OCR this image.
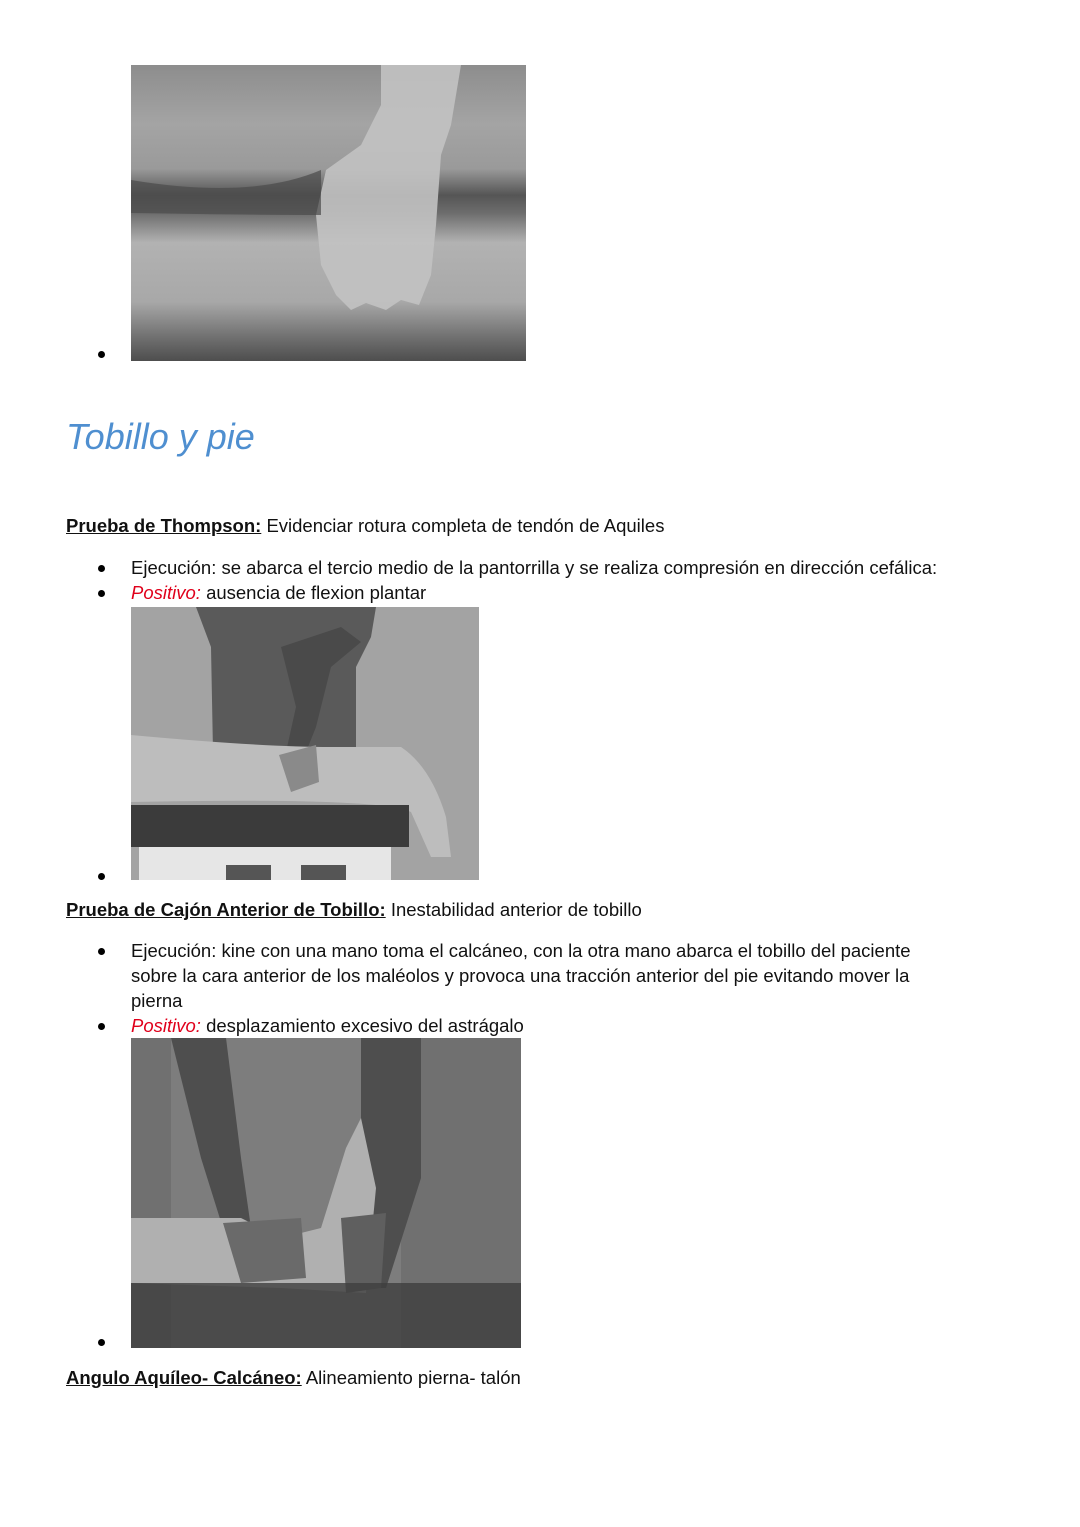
Tobillo y pie
Prueba de Thompson: Evidenciar rotura completa de tendón de Aquiles
Ejecución: se abarca el tercio medio de la pantorrilla y se realiza compresión en dirección cefálica:
Positivo: ausencia de flexion plantar
Prueba de Cajón Anterior de Tobillo: Inestabilidad anterior de tobillo
Ejecución: kine con una mano toma el calcáneo, con la otra mano abarca el tobillo del paciente
sobre la cara anterior de los maléolos y provoca una tracción anterior del pie evitando mover la
pierna
Positivo: desplazamiento excesivo del astrágalo
Angulo Aquíleo- Calcáneo: Alineamiento pierna- talón
